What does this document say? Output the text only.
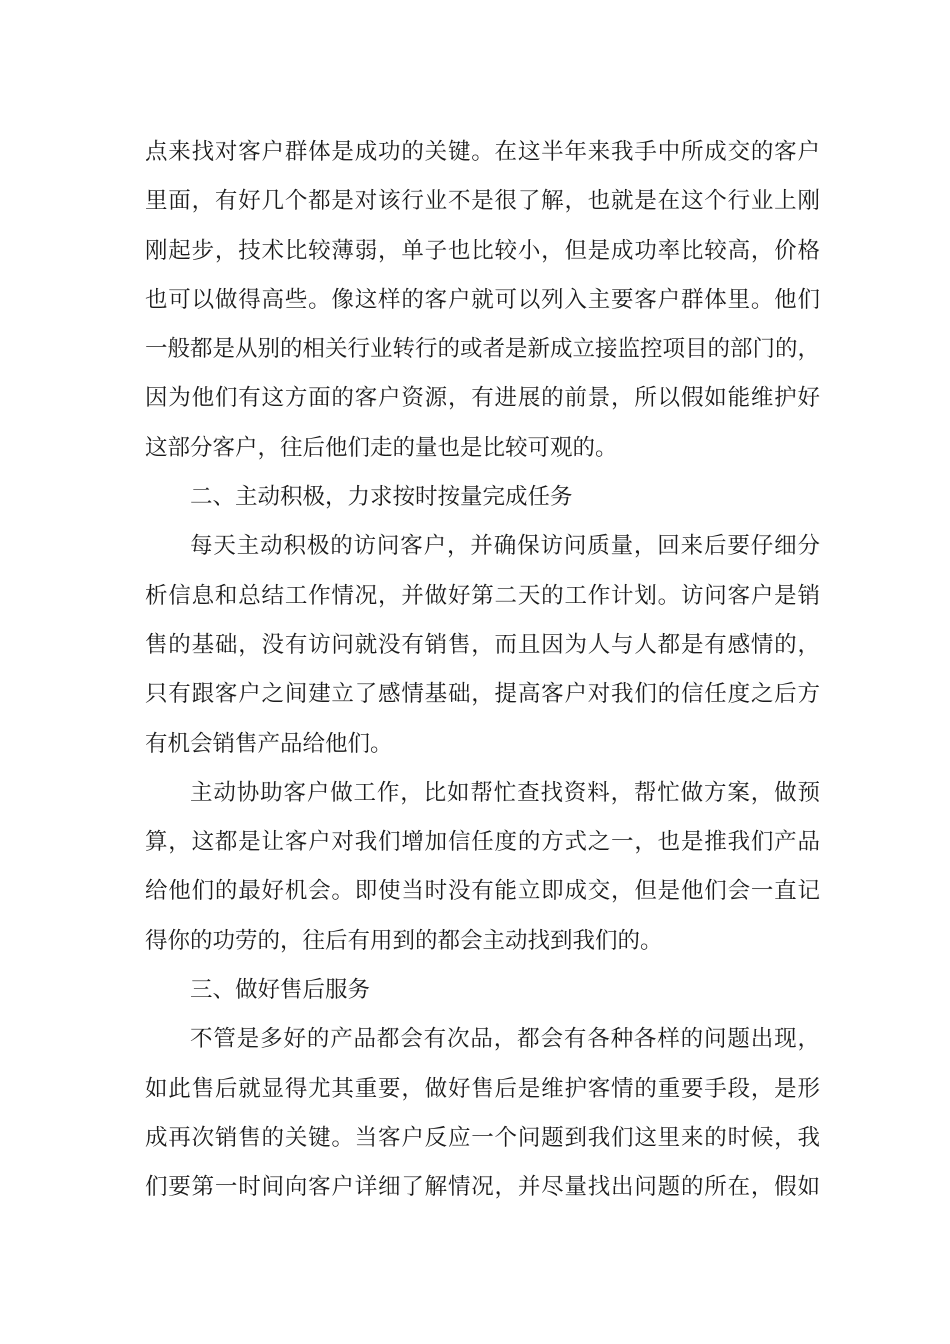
点来找对客户群体是成功的关键。在这半年来我手中所成交的客户
里面，有好几个都是对该行业不是很了解，也就是在这个行业上刚
刚起步，技术比较薄弱，单子也比较小，但是成功率比较高，价格
也可以做得高些。像这样的客户就可以列入主要客户群体里。他们
一般都是从别的相关行业转行的或者是新成立接监控项目的部门的，
因为他们有这方面的客户资源，有进展的前景，所以假如能维护好
这部分客户，往后他们走的量也是比较可观的。
二、主动积极，力求按时按量完成任务
每天主动积极的访问客户，并确保访问质量，回来后要仔细分
析信息和总结工作情况，并做好第二天的工作计划。访问客户是销
售的基础，没有访问就没有销售，而且因为人与人都是有感情的，
只有跟客户之间建立了感情基础，提高客户对我们的信任度之后方
有机会销售产品给他们。
主动协助客户做工作，比如帮忙查找资料，帮忙做方案，做预
算，这都是让客户对我们增加信任度的方式之一，也是推我们产品
给他们的最好机会。即使当时没有能立即成交，但是他们会一直记
得你的功劳的，往后有用到的都会主动找到我们的。
三、做好售后服务
不管是多好的产品都会有次品，都会有各种各样的问题出现，
如此售后就显得尤其重要，做好售后是维护客情的重要手段，是形
成再次销售的关键。当客户反应一个问题到我们这里来的时候，我
们要第一时间向客户详细了解情况，并尽量找出问题的所在，假如
